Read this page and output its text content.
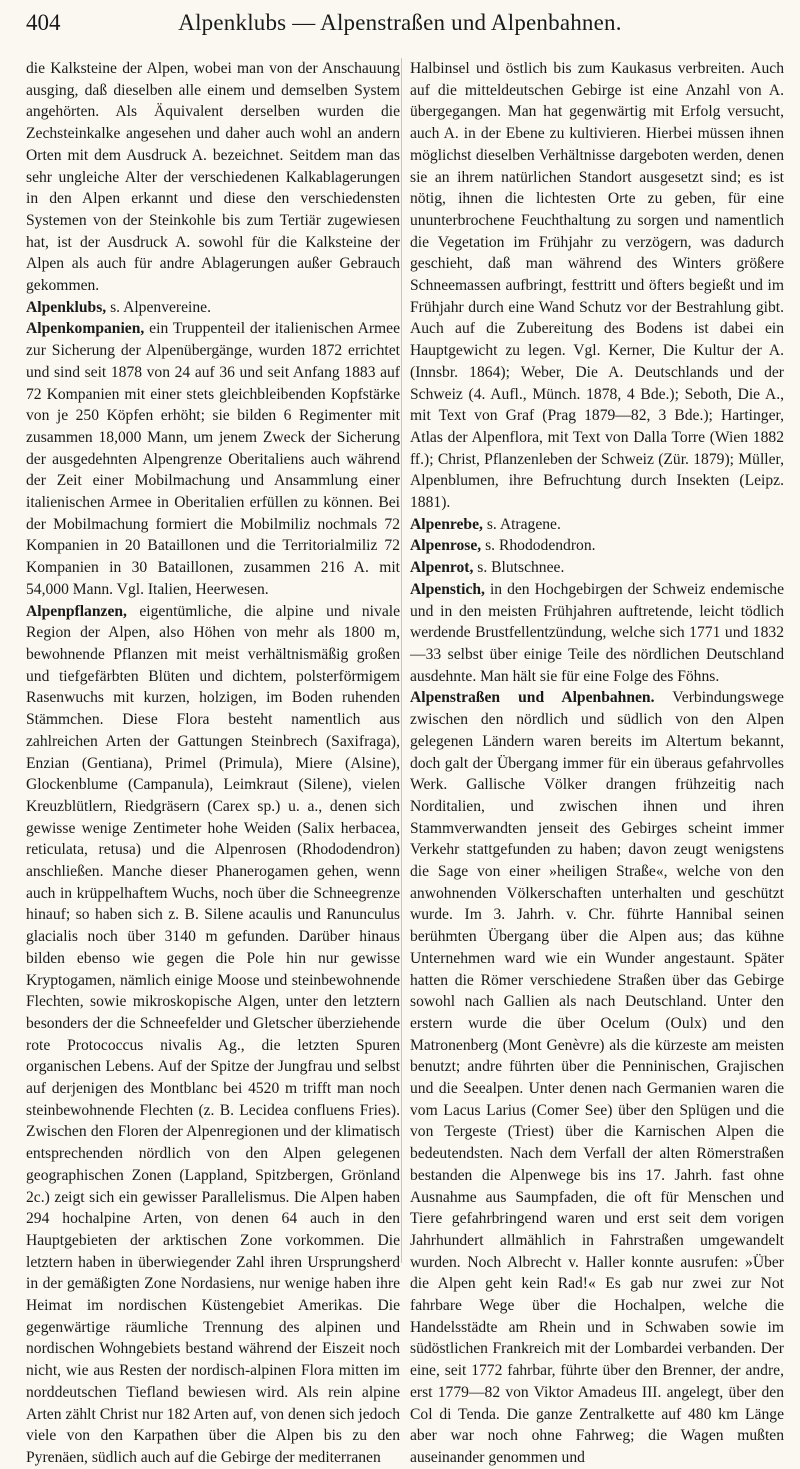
404	Alpenklubs — Alpenstraßen und Alpenbahnen.

die Kalksteine der Alpen, wobei man von der Anschauung ausging, daß dieselben alle einem und demselben System angehörten. Als Äquivalent derselben wurden die Zechsteinkalke angesehen und daher auch wohl an andern Orten mit dem Ausdruck A. bezeichnet. Seitdem man das sehr ungleiche Alter der verschiedenen Kalkablagerungen in den Alpen erkannt und diese den verschiedensten Systemen von der Steinkohle bis zum Tertiär zugewiesen hat, ist der Ausdruck A. sowohl für die Kalksteine der Alpen als auch für andre Ablagerungen außer Gebrauch gekommen.

Alpenklubs, s. Alpenvereine.

Alpenkompanien, ein Truppenteil der italienischen Armee zur Sicherung der Alpenübergänge, wurden 1872 errichtet und sind seit 1878 von 24 auf 36 und seit Anfang 1883 auf 72 Kompanien mit einer stets gleichbleibenden Kopfstärke von je 250 Köpfen erhöht; sie bilden 6 Regimenter mit zusammen 18,000 Mann, um jenem Zweck der Sicherung der ausgedehnten Alpengrenze Oberitaliens auch während der Zeit einer Mobilmachung und Ansammlung einer italienischen Armee in Oberitalien erfüllen zu können. Bei der Mobilmachung formiert die Mobilmiliz nochmals 72 Kompanien in 20 Bataillonen und die Territorialmiliz 72 Kompanien in 30 Bataillonen, zusammen 216 A. mit 54,000 Mann. Vgl. Italien, Heerwesen.

Alpenpflanzen, eigentümliche, die alpine und nivale Region der Alpen, also Höhen von mehr als 1800 m, bewohnende Pflanzen mit meist verhältnismäßig großen und tiefgefärbten Blüten und dichtem, polsterförmigem Rasenwuchs mit kurzen, holzigen, im Boden ruhenden Stämmchen. Diese Flora besteht namentlich aus zahlreichen Arten der Gattungen Steinbrech (Saxifraga), Enzian (Gentiana), Primel (Primula), Miere (Alsine), Glockenblume (Campanula), Leimkraut (Silene), vielen Kreuzblütlern, Riedgräsern (Carex sp.) u. a., denen sich gewisse wenige Zentimeter hohe Weiden (Salix herbacea, reticulata, retusa) und die Alpenrosen (Rhododendron) anschließen. Manche dieser Phanerogamen gehen, wenn auch in krüppelhaftem Wuchs, noch über die Schneegrenze hinauf; so haben sich z. B. Silene acaulis und Ranunculus glacialis noch über 3140 m gefunden. Darüber hinaus bilden ebenso wie gegen die Pole hin nur gewisse Kryptogamen, nämlich einige Moose und steinbewohnende Flechten, sowie mikroskopische Algen, unter den letztern besonders der die Schneefelder und Gletscher überziehende rote Protococcus nivalis Ag., die letzten Spuren organischen Lebens. Auf der Spitze der Jungfrau und selbst auf derjenigen des Montblanc bei 4520 m trifft man noch steinbewohnende Flechten (z. B. Lecidea confluens Fries). Zwischen den Floren der Alpenregionen und der klimatisch entsprechenden nördlich von den Alpen gelegenen geographischen Zonen (Lappland, Spitzbergen, Grönland 2c.) zeigt sich ein gewisser Parallelismus. Die Alpen haben 294 hochalpine Arten, von denen 64 auch in den Hauptgebieten der arktischen Zone vorkommen. Die letztern haben in überwiegender Zahl ihren Ursprungsherd in der gemäßigten Zone Nordasiens, nur wenige haben ihre Heimat im nordischen Küstengebiet Amerikas. Die gegenwärtige räumliche Trennung des alpinen und nordischen Wohngebiets bestand während der Eiszeit noch nicht, wie aus Resten der nordisch-alpinen Flora mitten im norddeutschen Tiefland bewiesen wird. Als rein alpine Arten zählt Christ nur 182 Arten auf, von denen sich jedoch viele von den Karpathen über die Alpen bis zu den Pyrenäen, südlich auch auf die Gebirge der mediterranen

Halbinsel und östlich bis zum Kaukasus verbreiten. Auch auf die mitteldeutschen Gebirge ist eine Anzahl von A. übergegangen. Man hat gegenwärtig mit Erfolg versucht, auch A. in der Ebene zu kultivieren. Hierbei müssen ihnen möglichst dieselben Verhältnisse dargeboten werden, denen sie an ihrem natürlichen Standort ausgesetzt sind; es ist nötig, ihnen die lichtesten Orte zu geben, für eine ununterbrochene Feuchthaltung zu sorgen und namentlich die Vegetation im Frühjahr zu verzögern, was dadurch geschieht, daß man während des Winters größere Schneemassen aufbringt, festtritt und öfters begießt und im Frühjahr durch eine Wand Schutz vor der Bestrahlung gibt. Auch auf die Zubereitung des Bodens ist dabei ein Hauptgewicht zu legen. Vgl. Kerner, Die Kultur der A. (Innsbr. 1864); Weber, Die A. Deutschlands und der Schweiz (4. Aufl., Münch. 1878, 4 Bde.); Seboth, Die A., mit Text von Graf (Prag 1879—82, 3 Bde.); Hartinger, Atlas der Alpenflora, mit Text von Dalla Torre (Wien 1882 ff.); Christ, Pflanzenleben der Schweiz (Zür. 1879); Müller, Alpenblumen, ihre Befruchtung durch Insekten (Leipz. 1881).

Alpenrebe, s. Atragene.

Alpenrose, s. Rhododendron.

Alpenrot, s. Blutschnee.

Alpenstich, in den Hochgebirgen der Schweiz endemische und in den meisten Frühjahren auftretende, leicht tödlich werdende Brustfellentzündung, welche sich 1771 und 1832—33 selbst über einige Teile des nördlichen Deutschland ausdehnte. Man hält sie für eine Folge des Föhns.

Alpenstraßen und Alpenbahnen. Verbindungswege zwischen den nördlich und südlich von den Alpen gelegenen Ländern waren bereits im Altertum bekannt, doch galt der Übergang immer für ein überaus gefahrvolles Werk. Gallische Völker drangen frühzeitig nach Norditalien, und zwischen ihnen und ihren Stammverwandten jenseit des Gebirges scheint immer Verkehr stattgefunden zu haben; davon zeugt wenigstens die Sage von einer »heiligen Straße«, welche von den anwohnenden Völkerschaften unterhalten und geschützt wurde. Im 3. Jahrh. v. Chr. führte Hannibal seinen berühmten Übergang über die Alpen aus; das kühne Unternehmen ward wie ein Wunder angestaunt. Später hatten die Römer verschiedene Straßen über das Gebirge sowohl nach Gallien als nach Deutschland. Unter den erstern wurde die über Ocelum (Oulx) und den Matronenberg (Mont Genèvre) als die kürzeste am meisten benutzt; andre führten über die Penninischen, Grajischen und die Seealpen. Unter denen nach Germanien waren die vom Lacus Larius (Comer See) über den Splügen und die von Tergeste (Triest) über die Karnischen Alpen die bedeutendsten. Nach dem Verfall der alten Römerstraßen bestanden die Alpenwege bis ins 17. Jahrh. fast ohne Ausnahme aus Saumpfaden, die oft für Menschen und Tiere gefahrbringend waren und erst seit dem vorigen Jahrhundert allmählich in Fahrstraßen umgewandelt wurden. Noch Albrecht v. Haller konnte ausrufen: »Über die Alpen geht kein Rad!« Es gab nur zwei zur Not fahrbare Wege über die Hochalpen, welche die Handelsstädte am Rhein und in Schwaben sowie im südöstlichen Frankreich mit der Lombardei verbanden. Der eine, seit 1772 fahrbar, führte über den Brenner, der andre, erst 1779—82 von Viktor Amadeus III. angelegt, über den Col di Tenda. Die ganze Zentralkette auf 480 km Länge aber war noch ohne Fahrweg; die Wagen mußten auseinander genommen und
